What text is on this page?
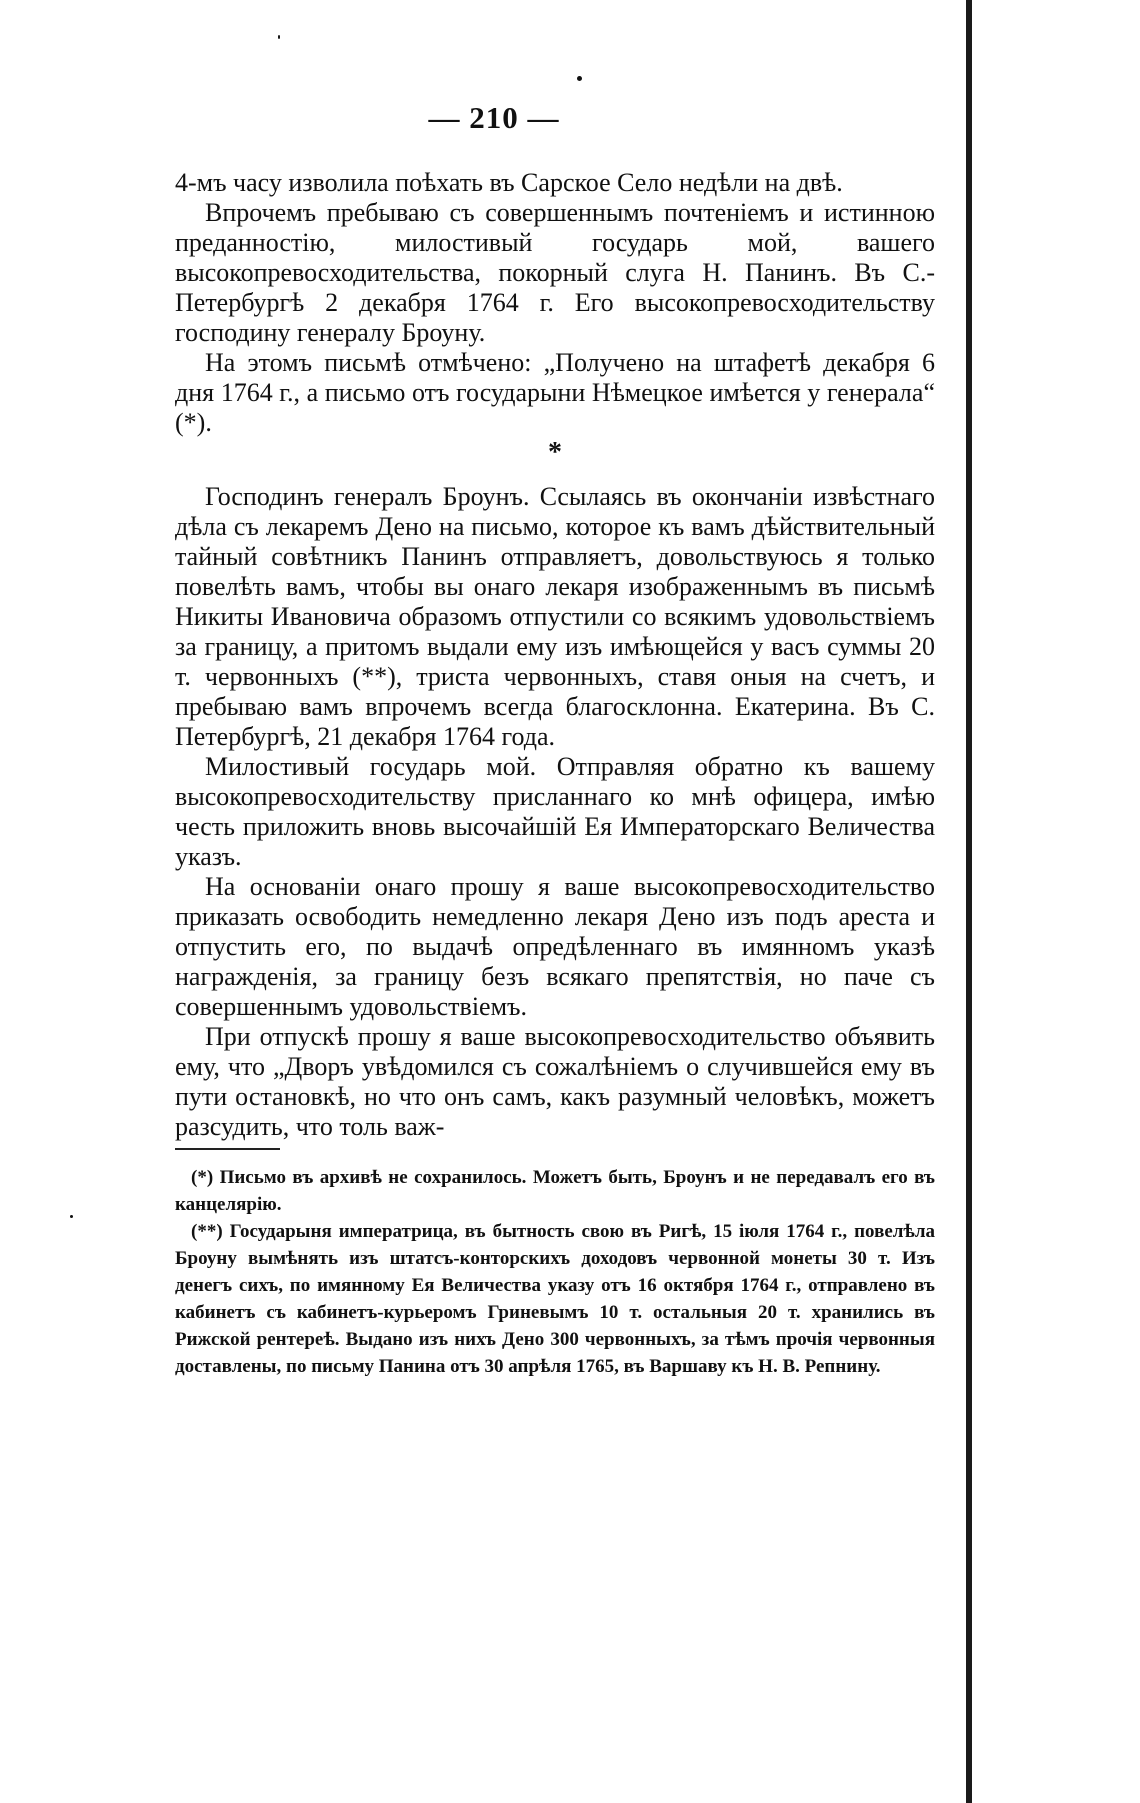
— 210 —

4-мъ часу изволила поѣхать въ Сарское Село недѣли на двѣ.

Впрочемъ пребываю съ совершеннымъ почтеніемъ и истинною преданностію, милостивый государь мой, вашего высокопревосходительства, покорный слуга Н. Панинъ. Въ С.-Петербургѣ 2 декабря 1764 г. Его высокопревосходительству господину генералу Броуну.

На этомъ письмѣ отмѣчено: „Получено на штафетѣ декабря 6 дня 1764 г., а письмо отъ государыни Нѣмецкое имѣется у генерала“ (*).

*

Господинъ генералъ Броунъ. Ссылаясь въ окончаніи извѣстнаго дѣла съ лекаремъ Дено на письмо, которое къ вамъ дѣйствительный тайный совѣтникъ Панинъ отправляетъ, довольствуюсь я только повелѣть вамъ, чтобы вы онаго лекаря изображеннымъ въ письмѣ Никиты Ивановича образомъ отпустили со всякимъ удовольствіемъ за границу, а притомъ выдали ему изъ имѣющейся у васъ суммы 20 т. червонныхъ (**), триста червонныхъ, ставя оныя на счетъ, и пребываю вамъ впрочемъ всегда благосклонна. Екатерина. Въ С. Петербургѣ, 21 декабря 1764 года.

Милостивый государь мой. Отправляя обратно къ вашему высокопревосходительству присланнаго ко мнѣ офицера, имѣю честь приложить вновь высочайшій Ея Императорскаго Величества указъ.

На основаніи онаго прошу я ваше высокопревосходительство приказать освободить немедленно лекаря Дено изъ подъ ареста и отпустить его, по выдачѣ опредѣленнаго въ имянномъ указѣ награжденія, за границу безъ всякаго препятствія, но паче съ совершеннымъ удовольствіемъ.

При отпускѣ прошу я ваше высокопревосходительство объявить ему, что „Дворъ увѣдомился съ сожалѣніемъ о случившейся ему въ пути остановкѣ, но что онъ самъ, какъ разумный человѣкъ, можетъ разсудить, что толь важ-

(*) Письмо въ архивѣ не сохранилось. Можетъ быть, Броунъ и не передавалъ его въ канцелярію.

(**) Государыня императрица, въ бытность свою въ Ригѣ, 15 іюля 1764 г., повелѣла Броуну вымѣнять изъ штатсъ-конторскихъ доходовъ червонной монеты 30 т. Изъ денегъ сихъ, по имянному Ея Величества указу отъ 16 октября 1764 г., отправлено въ кабинетъ съ кабинетъ-курьеромъ Гриневымъ 10 т. остальныя 20 т. хранились въ Рижской рентереѣ. Выдано изъ нихъ Дено 300 червонныхъ, за тѣмъ прочія червонныя доставлены, по письму Панина отъ 30 апрѣля 1765, въ Варшаву къ Н. В. Репнину.
